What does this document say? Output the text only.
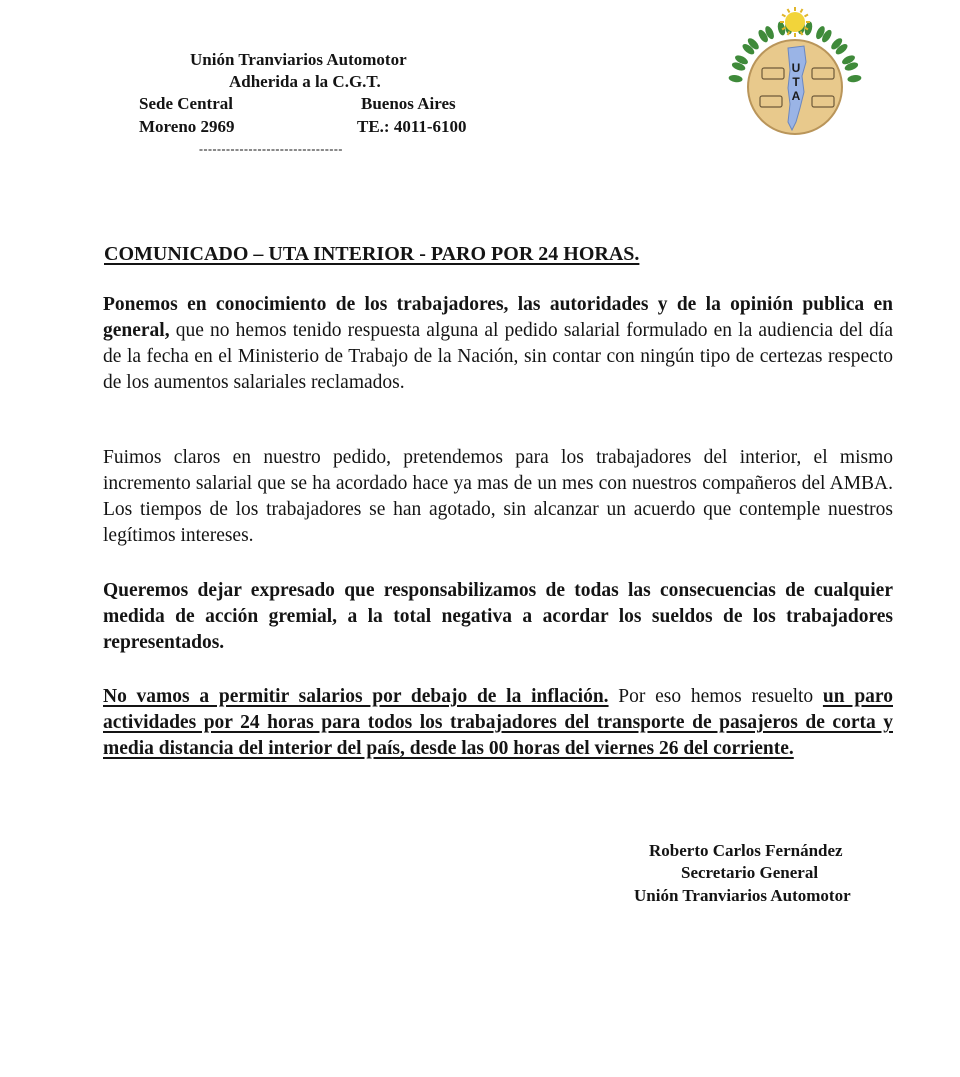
Unión Tranviarios Automotor
Adherida a la C.G.T.
Sede Central	Buenos Aires
Moreno 2969	TE.: 4011-6100
--------------------------------
U
T
A
COMUNICADO – UTA INTERIOR - PARO POR 24 HORAS.
Ponemos en conocimiento de los trabajadores, las autoridades y de la opinión publica en general, que no hemos tenido respuesta alguna al pedido salarial formulado en la audiencia del día de la fecha en el Ministerio de Trabajo de la Nación, sin contar con ningún tipo de certezas respecto de los aumentos salariales reclamados.
Fuimos claros en nuestro pedido, pretendemos para los trabajadores del interior, el mismo incremento salarial que se ha acordado hace ya mas de un mes con nuestros compañeros del AMBA. Los tiempos de los trabajadores se han agotado, sin alcanzar un acuerdo que contemple nuestros legítimos intereses.
Queremos dejar expresado que responsabilizamos de todas las consecuencias de cualquier medida de acción gremial, a la total negativa a acordar los sueldos de los trabajadores representados.
No vamos a permitir salarios por debajo de la inflación. Por eso hemos resuelto un paro actividades por 24 horas para todos los trabajadores del transporte de pasajeros de corta y media distancia del interior del país, desde las 00 horas del viernes 26 del corriente.
Roberto Carlos Fernández
Secretario General
Unión Tranviarios Automotor
